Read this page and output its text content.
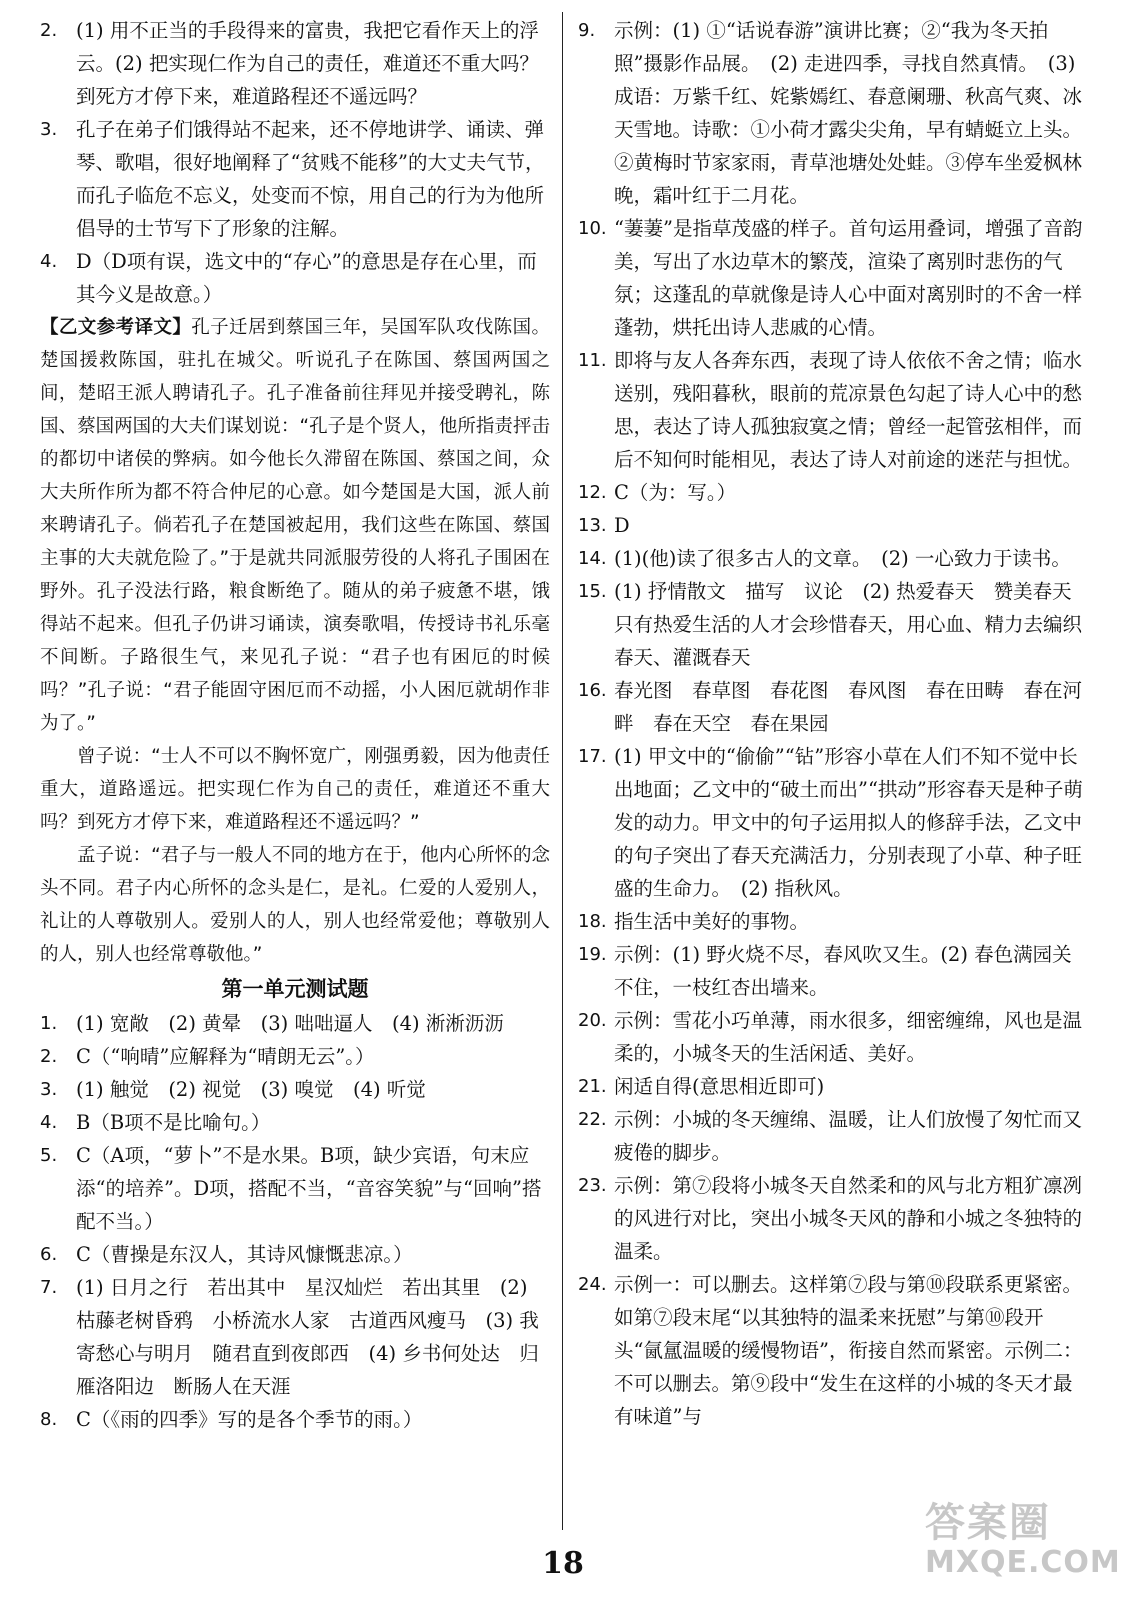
2. (1) 用不正当的手段得来的富贵，我把它看作天上的浮云。(2) 把实现仁作为自己的责任，难道还不重大吗？到死方才停下来，难道路程还不遥远吗？
3. 孔子在弟子们饿得站不起来，还不停地讲学、诵读、弹琴、歌唱，很好地阐释了“贫贱不能移”的大丈夫气节，而孔子临危不忘义，处变而不惊，用自己的行为为他所倡导的士节写下了形象的注解。
4. D（D项有误，选文中的“存心”的意思是存在心里，而其今义是故意。）

【乙文参考译文】孔子迁居到蔡国三年，吴国军队攻伐陈国。楚国援救陈国，驻扎在城父。听说孔子在陈国、蔡国两国之间，楚昭王派人聘请孔子。孔子准备前往拜见并接受聘礼，陈国、蔡国两国的大夫们谋划说：“孔子是个贤人，他所指责抨击的都切中诸侯的弊病。如今他长久滞留在陈国、蔡国之间，众大夫所作所为都不符合仲尼的心意。如今楚国是大国，派人前来聘请孔子。倘若孔子在楚国被起用，我们这些在陈国、蔡国主事的大夫就危险了。”于是就共同派服劳役的人将孔子围困在野外。孔子没法行路，粮食断绝了。随从的弟子疲惫不堪，饿得站不起来。但孔子仍讲习诵读，演奏歌唱，传授诗书礼乐毫不间断。子路很生气，来见孔子说：“君子也有困厄的时候吗？”孔子说：“君子能固守困厄而不动摇，小人困厄就胡作非为了。”

曾子说：“士人不可以不胸怀宽广，刚强勇毅，因为他责任重大，道路遥远。把实现仁作为自己的责任，难道还不重大吗？到死方才停下来，难道路程还不遥远吗？”

孟子说：“君子与一般人不同的地方在于，他内心所怀的念头不同。君子内心所怀的念头是仁，是礼。仁爱的人爱别人，礼让的人尊敬别人。爱别人的人，别人也经常爱他；尊敬别人的人，别人也经常尊敬他。”

第一单元测试题
1. (1) 宽敞　(2) 黄晕　(3) 咄咄逼人　(4) 淅淅沥沥
2. C（“响晴”应解释为“晴朗无云”。）
3. (1) 触觉　(2) 视觉　(3) 嗅觉　(4) 听觉
4. B（B项不是比喻句。）
5. C（A项，“萝卜”不是水果。B项，缺少宾语，句末应添“的培养”。D项，搭配不当，“音容笑貌”与“回响”搭配不当。）
6. C（曹操是东汉人，其诗风慷慨悲凉。）
7. (1) 日月之行　若出其中　星汉灿烂　若出其里　(2) 枯藤老树昏鸦　小桥流水人家　古道西风瘦马　(3) 我寄愁心与明月　随君直到夜郎西　(4) 乡书何处达　归雁洛阳边　断肠人在天涯
8. C（《雨的四季》写的是各个季节的雨。）
9. 示例：(1) ①“话说春游”演讲比赛；②“我为冬天拍照”摄影作品展。　(2) 走进四季，寻找自然真情。　(3) 成语：万紫千红、姹紫嫣红、春意阑珊、秋高气爽、冰天雪地。诗歌：①小荷才露尖尖角，早有蜻蜓立上头。②黄梅时节家家雨，青草池塘处处蛙。③停车坐爱枫林晚，霜叶红于二月花。
10. “萋萋”是指草茂盛的样子。首句运用叠词，增强了音韵美，写出了水边草木的繁茂，渲染了离别时悲伤的气氛；这蓬乱的草就像是诗人心中面对离别时的不舍一样蓬勃，烘托出诗人悲戚的心情。
11. 即将与友人各奔东西，表现了诗人依依不舍之情；临水送别，残阳暮秋，眼前的荒凉景色勾起了诗人心中的愁思，表达了诗人孤独寂寞之情；曾经一起管弦相伴，而后不知何时能相见，表达了诗人对前途的迷茫与担忧。
12. C（为：写。）
13. D
14. (1)(他)读了很多古人的文章。　(2) 一心致力于读书。
15. (1) 抒情散文　描写　议论　(2) 热爱春天　赞美春天　只有热爱生活的人才会珍惜春天，用心血、精力去编织春天、灌溉春天
16. 春光图　春草图　春花图　春风图　春在田畴　春在河畔　春在天空　春在果园
17. (1) 甲文中的“偷偷”“钻”形容小草在人们不知不觉中长出地面；乙文中的“破土而出”“拱动”形容春天是种子萌发的动力。甲文中的句子运用拟人的修辞手法，乙文中的句子突出了春天充满活力，分别表现了小草、种子旺盛的生命力。　(2) 指秋风。
18. 指生活中美好的事物。
19. 示例：(1) 野火烧不尽，春风吹又生。(2) 春色满园关不住，一枝红杏出墙来。
20. 示例：雪花小巧单薄，雨水很多，细密缠绵，风也是温柔的，小城冬天的生活闲适、美好。
21. 闲适自得(意思相近即可)
22. 示例：小城的冬天缠绵、温暖，让人们放慢了匆忙而又疲倦的脚步。
23. 示例：第⑦段将小城冬天自然柔和的风与北方粗犷凛冽的风进行对比，突出小城冬天风的静和小城之冬独特的温柔。
24. 示例一：可以删去。这样第⑦段与第⑩段联系更紧密。如第⑦段末尾“以其独特的温柔来抚慰”与第⑩段开头“氤氲温暖的缓慢物语”，衔接自然而紧密。示例二：不可以删去。第⑨段中“发生在这样的小城的冬天才最有味道”与
18
答案圈
MXQE.COM
